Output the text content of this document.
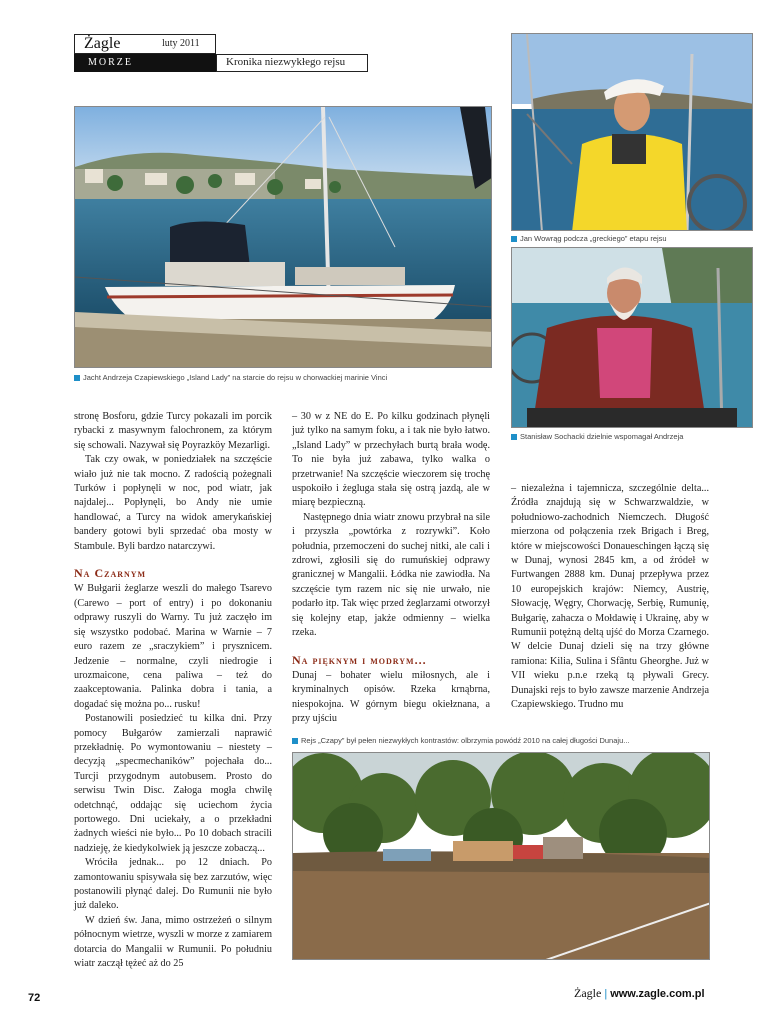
Żagle	luty 2011
MORZE	Kronika niezwykłego rejsu
Jacht Andrzeja Czapiewskiego „Island Lady” na starcie do rejsu w chorwackiej marinie Vinci
Jan Wowrąg podcza „greckiego” etapu rejsu
Stanisław Sochacki dzielnie wspomagał Andrzeja

stronę Bosforu, gdzie Turcy pokazali im porcik rybacki z masywnym falochronem, za którym się schowali. Nazywał się Poyrazköy Mezarligi.

Tak czy owak, w poniedziałek na szczęście wiało już nie tak mocno. Z radością pożegnali Turków i popłynęli w noc, pod wiatr, jak najdalej... Popłynęli, bo Andy nie umie handlować, a Turcy na widok amerykańskiej bandery gotowi byli sprzedać oba mosty w Stambule. Byli bardzo natarczywi.

Na Czarnym

W Bułgarii żeglarze weszli do małego Tsarevo (Carewo – port of entry) i po dokonaniu odprawy ruszyli do Warny. Tu już zaczęło im się wszystko podobać. Marina w Warnie – 7 euro razem ze „sraczykiem” i prysznicem. Jedzenie – normalne, czyli niedrogie i urozmaicone, cena paliwa – też do zaakceptowania. Palinka dobra i tania, a dogadać się można po... rusku!

Postanowili posiedzieć tu kilka dni. Przy pomocy Bułgarów zamierzali naprawić przekładnię. Po wymontowaniu – niestety – decyzją „specmechaników” pojechała do... Turcji przygodnym autobusem. Prosto do serwisu Twin Disc. Załoga mogła chwilę odetchnąć, oddając się uciechom życia portowego. Dni uciekały, a o przekładni żadnych wieści nie było... Po 10 dobach stracili nadzieję, że kiedykolwiek ją jeszcze zobaczą...

Wróciła jednak... po 12 dniach. Po zamontowaniu spisywała się bez zarzutów, więc postanowili płynąć dalej. Do Rumunii nie było już daleko.

W dzień św. Jana, mimo ostrzeżeń o silnym północnym wietrze, wyszli w morze z zamiarem dotarcia do Mangalii w Rumunii. Po południu wiatr zaczął tężeć aż do 25

– 30 w z NE do E. Po kilku godzinach płynęli już tylko na samym foku, a i tak nie było łatwo. „Island Lady” w przechyłach burtą brała wodę. To nie była już zabawa, tylko walka o przetrwanie! Na szczęście wieczorem się trochę uspokoiło i żegluga stała się ostrą jazdą, ale w miarę bezpieczną.

Następnego dnia wiatr znowu przybrał na sile i przyszła „powtórka z rozrywki”. Koło południa, przemoczeni do suchej nitki, ale cali i zdrowi, zgłosili się do rumuńskiej odprawy granicznej w Mangalii. Łódka nie zawiodła. Na szczęście tym razem nic się nie urwało, nie podarło itp. Tak więc przed żeglarzami otworzył się kolejny etap, jakże odmienny – wielka rzeka.

Na pięknym i modrym...

Dunaj – bohater wielu miłosnych, ale i kryminalnych opisów. Rzeka krnąbrna, niespokojna. W górnym biegu okiełznana, a przy ujściu

– niezależna i tajemnicza, szczególnie delta... Źródła znajdują się w Schwarzwaldzie, w południowo-zachodnich Niemczech. Długość mierzona od połączenia rzek Brigach i Breg, które w miejscowości Donaueschingen łączą się w Dunaj, wynosi 2845 km, a od źródeł w Furtwangen 2888 km. Dunaj przepływa przez 10 europejskich krajów: Niemcy, Austrię, Słowację, Węgry, Chorwację, Serbię, Rumunię, Bułgarię, zahacza o Mołdawię i Ukrainę, aby w Rumunii potężną deltą ujść do Morza Czarnego. W delcie Dunaj dzieli się na trzy główne ramiona: Kilia, Sulina i Sfântu Gheorghe. Już w VII wieku p.n.e rzeką tą pływali Grecy. Dunajski rejs to było zawsze marzenie Andrzeja Czapiewskiego. Trudno mu

Rejs „Czapy” był pełen niezwykłych kontrastów: olbrzymia powódź 2010 na całej długości Dunaju...
72	Żagle | www.zagle.com.pl
